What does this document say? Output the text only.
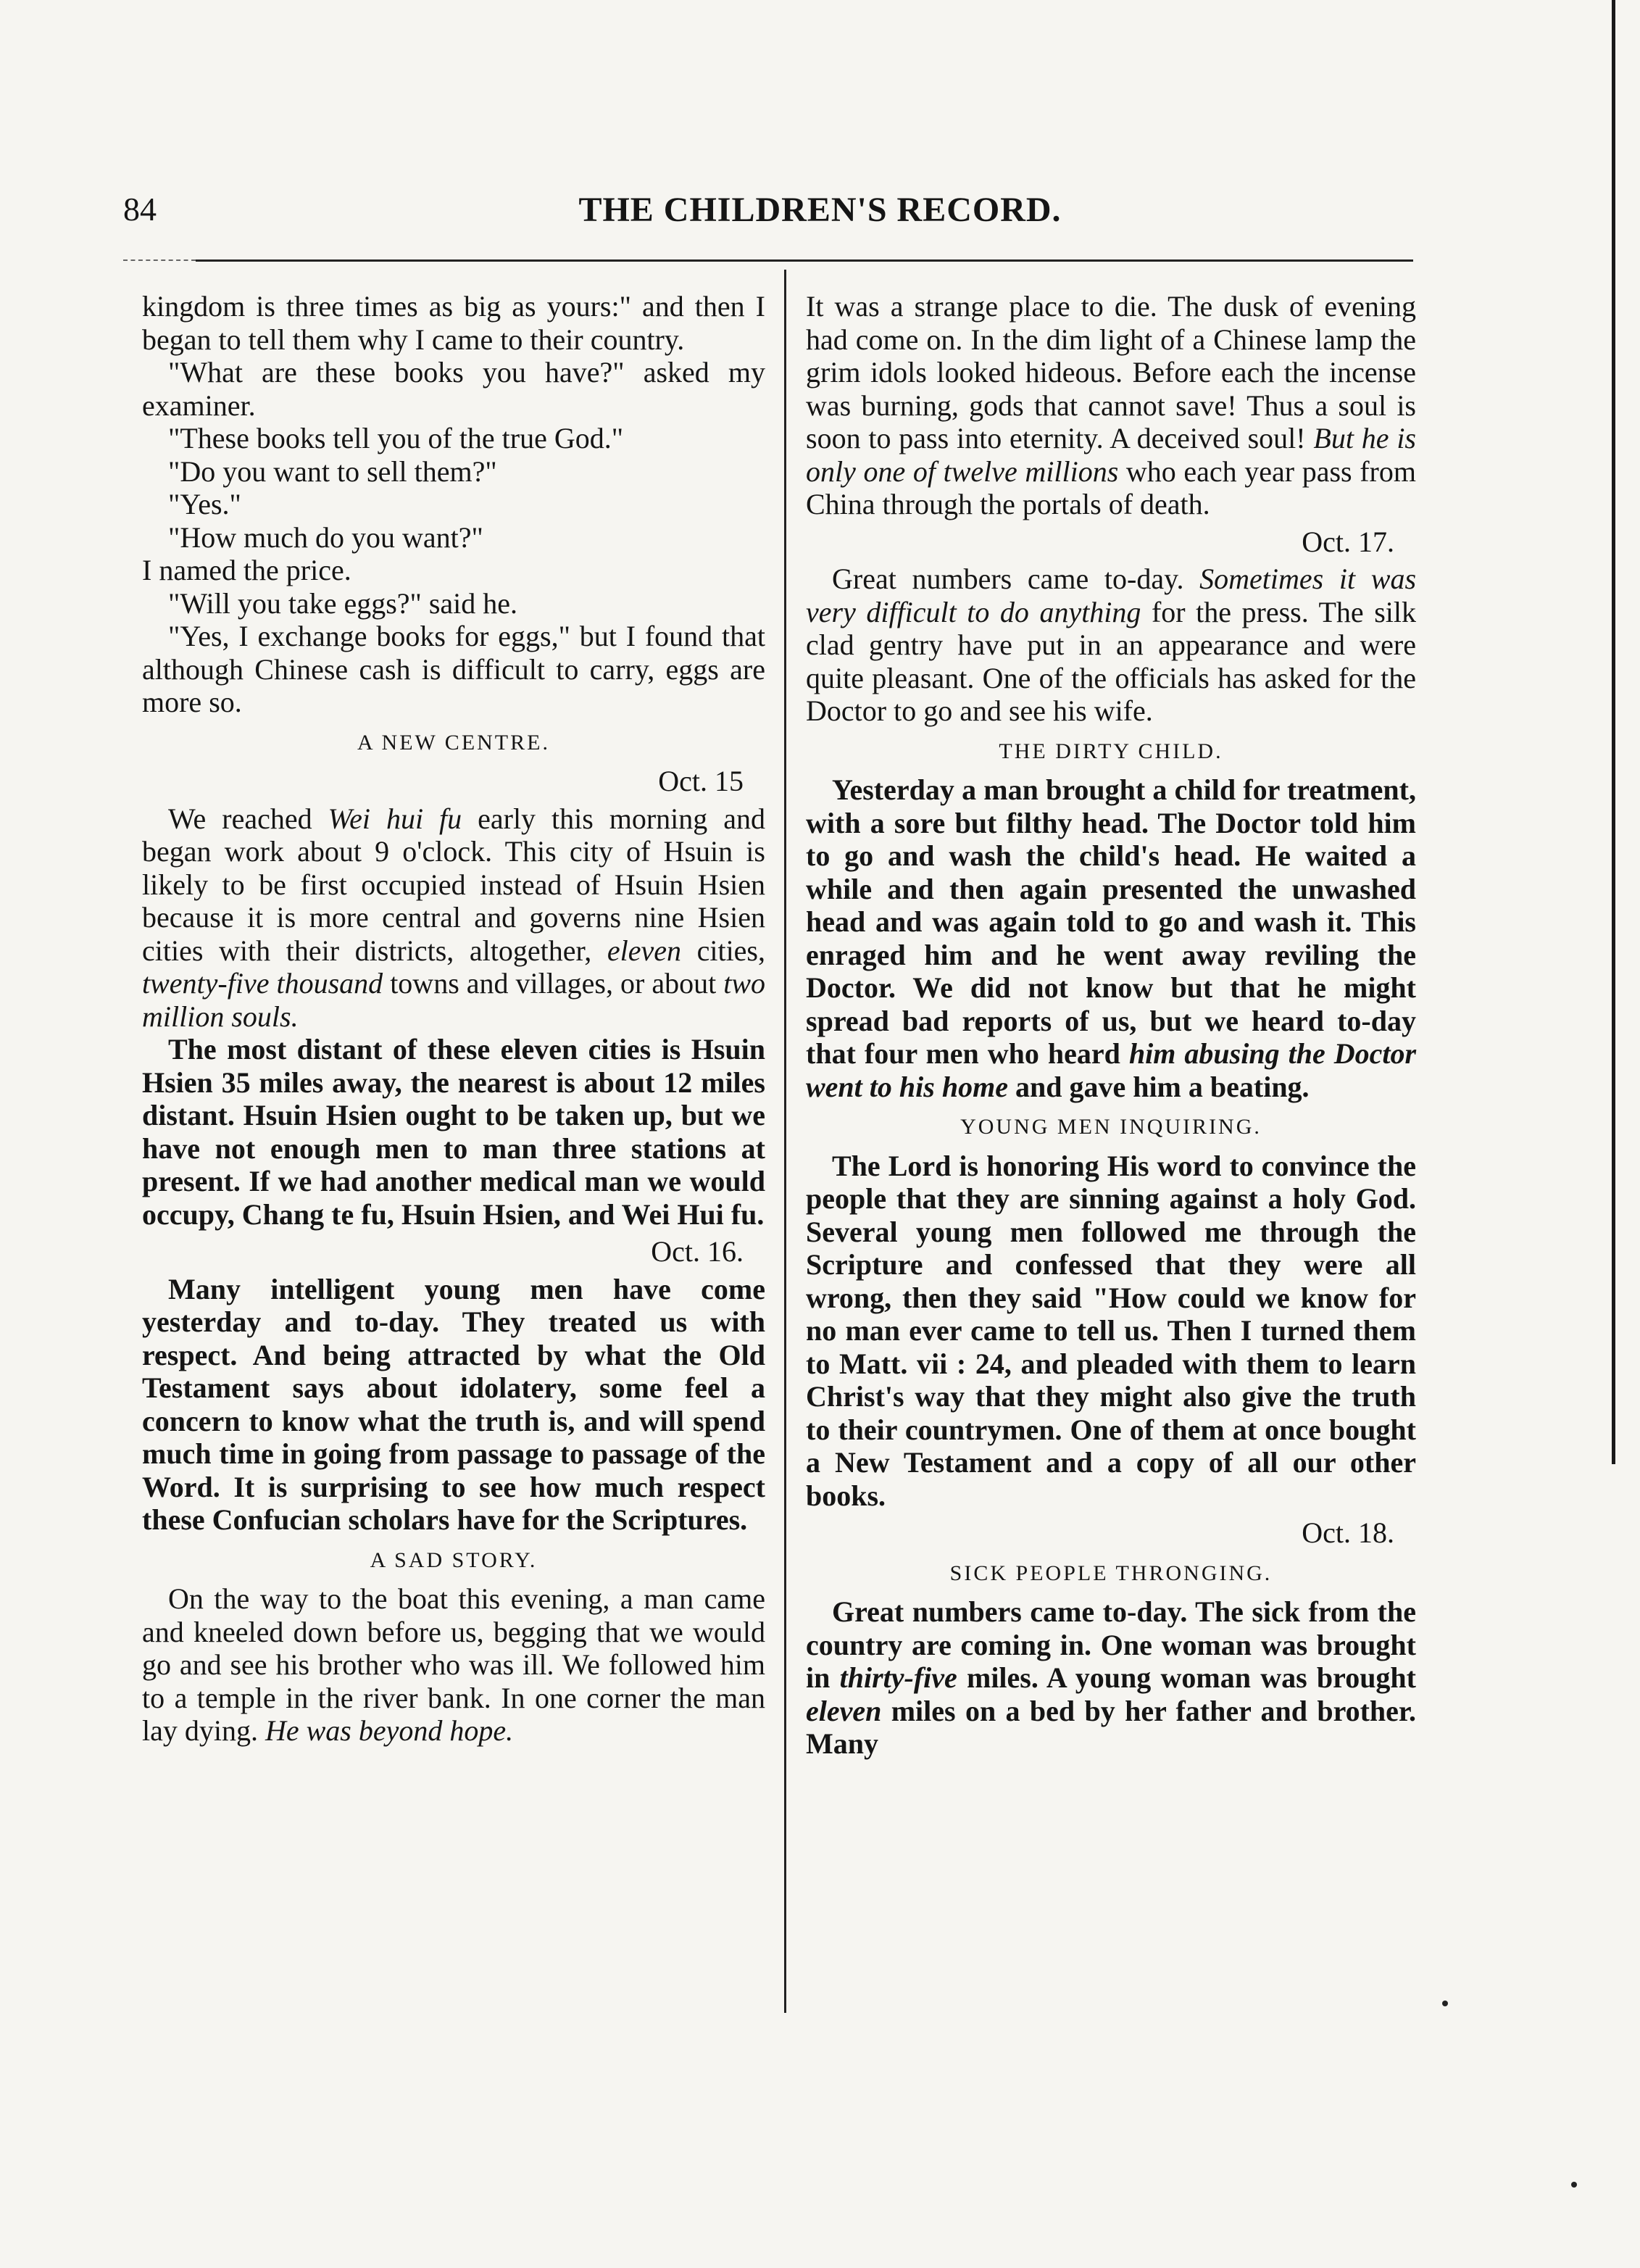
84	THE CHILDREN'S RECORD.

kingdom is three times as big as yours:" and then I began to tell them why I came to their country.

"What are these books you have?" asked my examiner.

"These books tell you of the true God."

"Do you want to sell them?"

"Yes."

"How much do you want?"

I named the price.

"Will you take eggs?" said he.

"Yes, I exchange books for eggs," but I found that although Chinese cash is difficult to carry, eggs are more so.

A NEW CENTRE.
Oct. 15

We reached Wei hui fu early this morning and began work about 9 o'clock. This city of Hsuin is likely to be first occupied instead of Hsuin Hsien because it is more central and governs nine Hsien cities with their districts, altogether, eleven cities, twenty-five thousand towns and villages, or about two million souls.

The most distant of these eleven cities is Hsuin Hsien 35 miles away, the nearest is about 12 miles distant. Hsuin Hsien ought to be taken up, but we have not enough men to man three stations at present. If we had another medical man we would occupy, Chang te fu, Hsuin Hsien, and Wei Hui fu.

Oct. 16.

Many intelligent young men have come yesterday and to-day. They treated us with respect. And being attracted by what the Old Testament says about idolatery, some feel a concern to know what the truth is, and will spend much time in going from passage to passage of the Word. It is surprising to see how much respect these Confucian scholars have for the Scriptures.

A SAD STORY.

On the way to the boat this evening, a man came and kneeled down before us, begging that we would go and see his brother who was ill. We followed him to a temple in the river bank. In one corner the man lay dying. He was beyond hope.

It was a strange place to die. The dusk of evening had come on. In the dim light of a Chinese lamp the grim idols looked hideous. Before each the incense was burning, gods that cannot save! Thus a soul is soon to pass into eternity. A deceived soul! But he is only one of twelve millions who each year pass from China through the portals of death.

Oct. 17.

Great numbers came to-day. Sometimes it was very difficult to do anything for the press. The silk clad gentry have put in an appearance and were quite pleasant. One of the officials has asked for the Doctor to go and see his wife.

THE DIRTY CHILD.

Yesterday a man brought a child for treatment, with a sore but filthy head. The Doctor told him to go and wash the child's head. He waited a while and then again presented the unwashed head and was again told to go and wash it. This enraged him and he went away reviling the Doctor. We did not know but that he might spread bad reports of us, but we heard to-day that four men who heard him abusing the Doctor went to his home and gave him a beating.

YOUNG MEN INQUIRING.

The Lord is honoring His word to convince the people that they are sinning against a holy God. Several young men followed me through the Scripture and confessed that they were all wrong, then they said "How could we know for no man ever came to tell us. Then I turned them to Matt. vii : 24, and pleaded with them to learn Christ's way that they might also give the truth to their countrymen. One of them at once bought a New Testament and a copy of all our other books.

Oct. 18.
SICK PEOPLE THRONGING.

Great numbers came to-day. The sick from the country are coming in. One woman was brought in thirty-five miles. A young woman was brought eleven miles on a bed by her father and brother. Many
